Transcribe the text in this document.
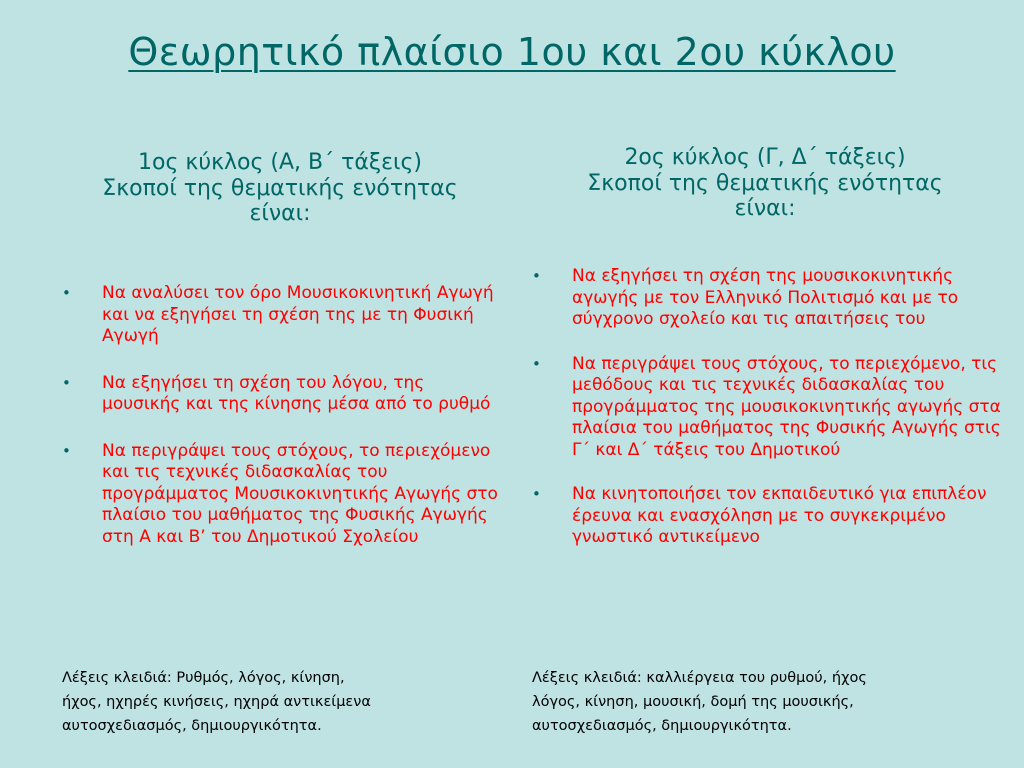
Θεωρητικό πλαίσιο 1ου και 2ου κύκλου
1ος κύκλος (Α, Β΄ τάξεις)
Σκοποί της θεματικής ενότητας
είναι:
• Να αναλύσει τον όρο Μουσικοκινητική Αγωγή και να εξηγήσει τη σχέση της με τη Φυσική Αγωγή
• Να εξηγήσει τη σχέση του λόγου, της μουσικής και της κίνησης μέσα από το ρυθμό
• Να περιγράψει τους στόχους, το περιεχόμενο και τις τεχνικές διδασκαλίας του προγράμματος Μουσικοκινητικής Αγωγής στο πλαίσιο του μαθήματος της Φυσικής Αγωγής στη Α και Β’ του Δημοτικού Σχολείου
Λέξεις κλειδιά: Ρυθμός, λόγος, κίνηση,
ήχος, ηχηρές κινήσεις, ηχηρά αντικείμενα
αυτοσχεδιασμός, δημιουργικότητα.
2ος κύκλος (Γ, Δ΄ τάξεις)
Σκοποί της θεματικής ενότητας
είναι:
• Να εξηγήσει τη σχέση της μουσικοκινητικής αγωγής με τον Ελληνικό Πολιτισμό και με το σύγχρονο σχολείο και τις απαιτήσεις του
• Να περιγράψει τους στόχους, το περιεχόμενο, τις μεθόδους και τις τεχνικές διδασκαλίας του προγράμματος της μουσικοκινητικής αγωγής στα πλαίσια του μαθήματος της Φυσικής Αγωγής στις Γ΄ και Δ΄ τάξεις του Δημοτικού
• Να κινητοποιήσει τον εκπαιδευτικό για επιπλέον έρευνα και ενασχόληση με το συγκεκριμένο γνωστικό αντικείμενο
Λέξεις κλειδιά: καλλιέργεια του ρυθμού, ήχος
λόγος, κίνηση, μουσική, δομή της μουσικής,
αυτοσχεδιασμός, δημιουργικότητα.
